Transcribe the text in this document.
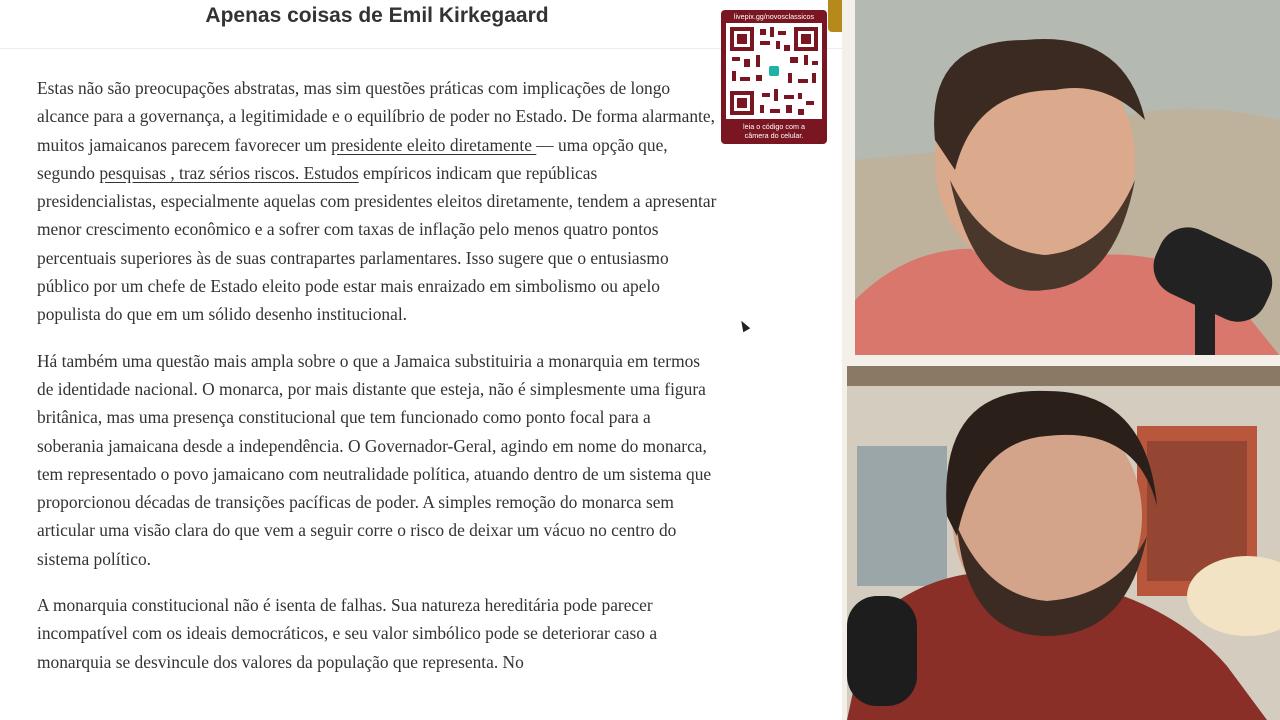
Apenas coisas de Emil Kirkegaard

Estas não são preocupações abstratas, mas sim questões práticas com implicações de longo alcance para a governança, a legitimidade e o equilíbrio de poder no Estado. De forma alarmante, muitos jamaicanos parecem favorecer um presidente eleito diretamente — uma opção que, segundo pesquisas , traz sérios riscos. Estudos empíricos indicam que repúblicas presidencialistas, especialmente aquelas com presidentes eleitos diretamente, tendem a apresentar menor crescimento econômico e a sofrer com taxas de inflação pelo menos quatro pontos percentuais superiores às de suas contrapartes parlamentares. Isso sugere que o entusiasmo público por um chefe de Estado eleito pode estar mais enraizado em simbolismo ou apelo populista do que em um sólido desenho institucional.

Há também uma questão mais ampla sobre o que a Jamaica substituiria a monarquia em termos de identidade nacional. O monarca, por mais distante que esteja, não é simplesmente uma figura britânica, mas uma presença constitucional que tem funcionado como ponto focal para a soberania jamaicana desde a independência. O Governador-Geral, agindo em nome do monarca, tem representado o povo jamaicano com neutralidade política, atuando dentro de um sistema que proporcionou décadas de transições pacíficas de poder. A simples remoção do monarca sem articular uma visão clara do que vem a seguir corre o risco de deixar um vácuo no centro do sistema político.

A monarquia constitucional não é isenta de falhas. Sua natureza hereditária pode parecer incompatível com os ideais democráticos, e seu valor simbólico pode se deteriorar caso a monarquia se desvincule dos valores da população que representa. No

livepix.gg/novosclassicos
leia o código com a
câmera do celular.
